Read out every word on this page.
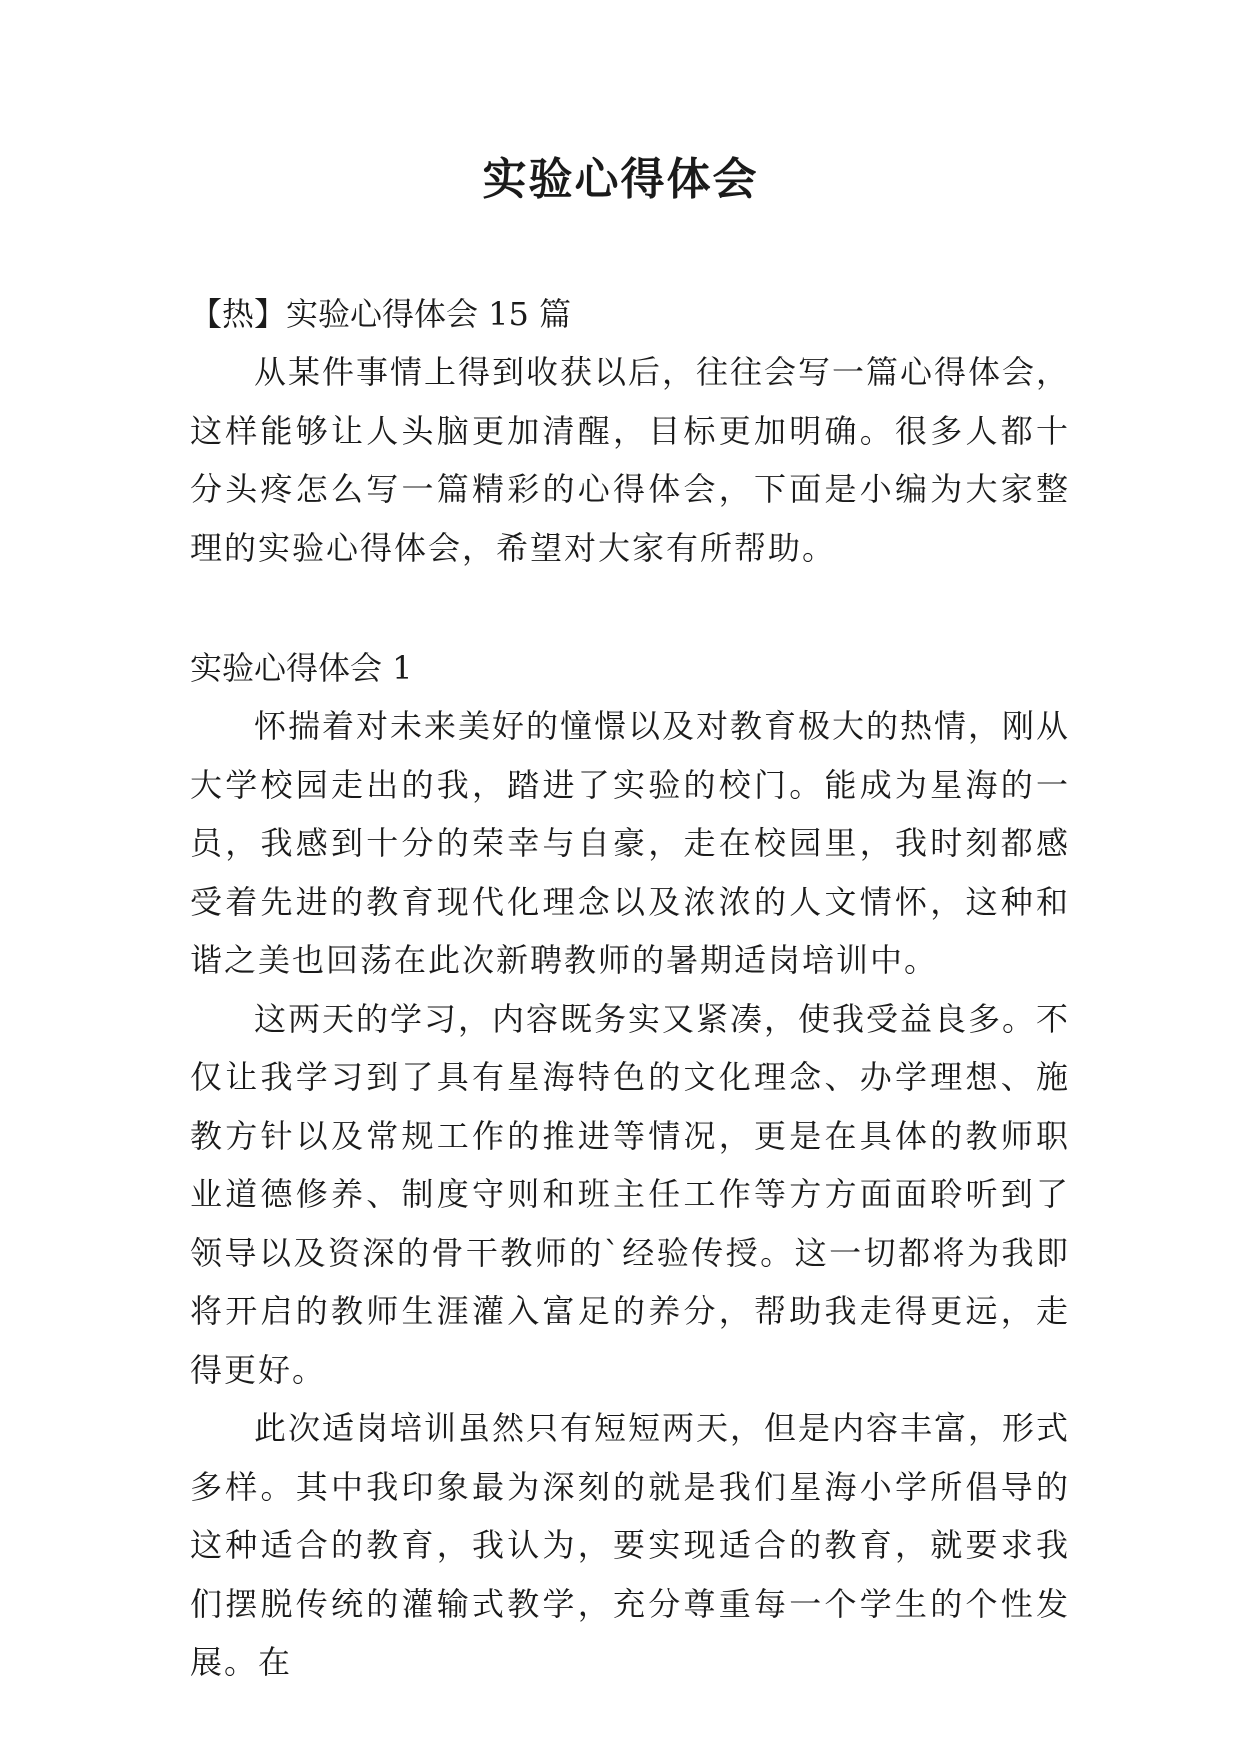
实验心得体会

【热】实验心得体会 15 篇

从某件事情上得到收获以后，往往会写一篇心得体会，这样能够让人头脑更加清醒，目标更加明确。很多人都十分头疼怎么写一篇精彩的心得体会，下面是小编为大家整理的实验心得体会，希望对大家有所帮助。

实验心得体会 1

怀揣着对未来美好的憧憬以及对教育极大的热情，刚从大学校园走出的我，踏进了实验的校门。能成为星海的一员，我感到十分的荣幸与自豪，走在校园里，我时刻都感受着先进的教育现代化理念以及浓浓的人文情怀，这种和谐之美也回荡在此次新聘教师的暑期适岗培训中。

这两天的学习，内容既务实又紧凑，使我受益良多。不仅让我学习到了具有星海特色的文化理念、办学理想、施教方针以及常规工作的推进等情况，更是在具体的教师职业道德修养、制度守则和班主任工作等方方面面聆听到了领导以及资深的骨干教师的`经验传授。这一切都将为我即将开启的教师生涯灌入富足的养分，帮助我走得更远，走得更好。

此次适岗培训虽然只有短短两天，但是内容丰富，形式多样。其中我印象最为深刻的就是我们星海小学所倡导的这种适合的教育，我认为，要实现适合的教育，就要求我们摆脱传统的灌输式教学，充分尊重每一个学生的个性发展。在
